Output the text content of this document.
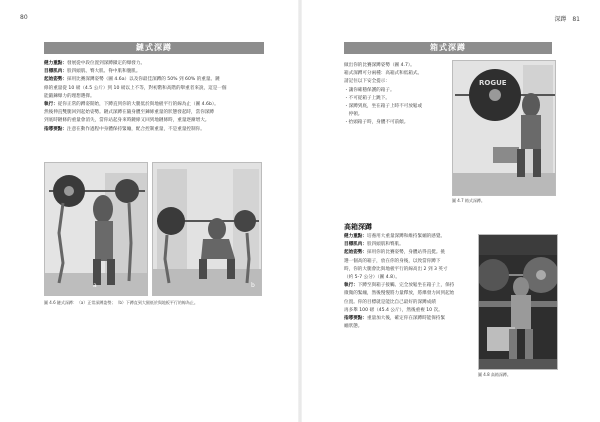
80
鏈式深蹲
健力重點：發展從中段位置到深蹲鎖定的爆發力。
目標肌肉：股四頭肌、臀大肌、脊中肌和腹肌。
起始姿勢：採用比賽深蹲姿勢（圖 4.6a）以及你最佳深蹲的 50% 到 60% 的重量。鏈
條的重量從 10 磅（4.5 公斤）到 10 磅以上不等，對初階和高階的舉重者來說，這是一個
能鍛鍊爆力的理想選擇。
執行：從你正常的蹲姿開始，下蹲直到你的大腿低於與地板平行的線為止（圖 4.6b）。
然後伸直雙腿回到起始姿勢。鏈式深蹲在隨身體至鍊條重量的狀態發起時，當你深蹲
到底時鏈條的重量會消失，當你站起身來時鏈條又回到地鏈條時，重量逐漸增大。
指導要點：注意在動作過程中身體保持緊繃，配合控制重量，不是重量控制你。
a	b
圖 4.6 鏈式深蹲：（a）正常深蹲姿勢；（b）下蹲直到大腿低於與地板平行的線為止。
深蹲　81
箱式深蹲
做出你的比賽深蹲姿勢（圖 4.7）。
箱式深蹲可分兩種：高箱式和低箱式。
請記住以下安全提示：
・讓你確穩保護的箱子。
・不可從箱子上跳下。
・深蹲到底，坐在箱子上時不可放鬆或
　停頓。
・抬頭箱子時，身體不可前傾。
ROGUE
圖 4.7 箱式深蹲。
高箱深蹲
健力重點：培養用大重量深蹲和維持緊繃的感覺。
目標肌肉：股四頭肌和臀肌。
起始姿勢：採用你的比賽姿勢，身體站得直挺。挑
選一個高的箱子，放在你的身後，以致當你蹲下
時，你的大腿會比與地板平行的線高出 2 到 3 英寸
（約 5-7 公分）（圖 4.8）。
執行：下蹲至與箱子接觸。完全放鬆坐在箱子上，保持
微微的緊繃，然後慢慢將力量釋放，將爆發力回到起始
位置。你的目標就是能比自己最好的深蹲成績
再多舉 100 磅（45.4 公斤），然後重複 10 次。
指導要點：重量加大後，確定你在深蹲時能保持緊
繃狀態。
圖 4.8 高箱深蹲。
